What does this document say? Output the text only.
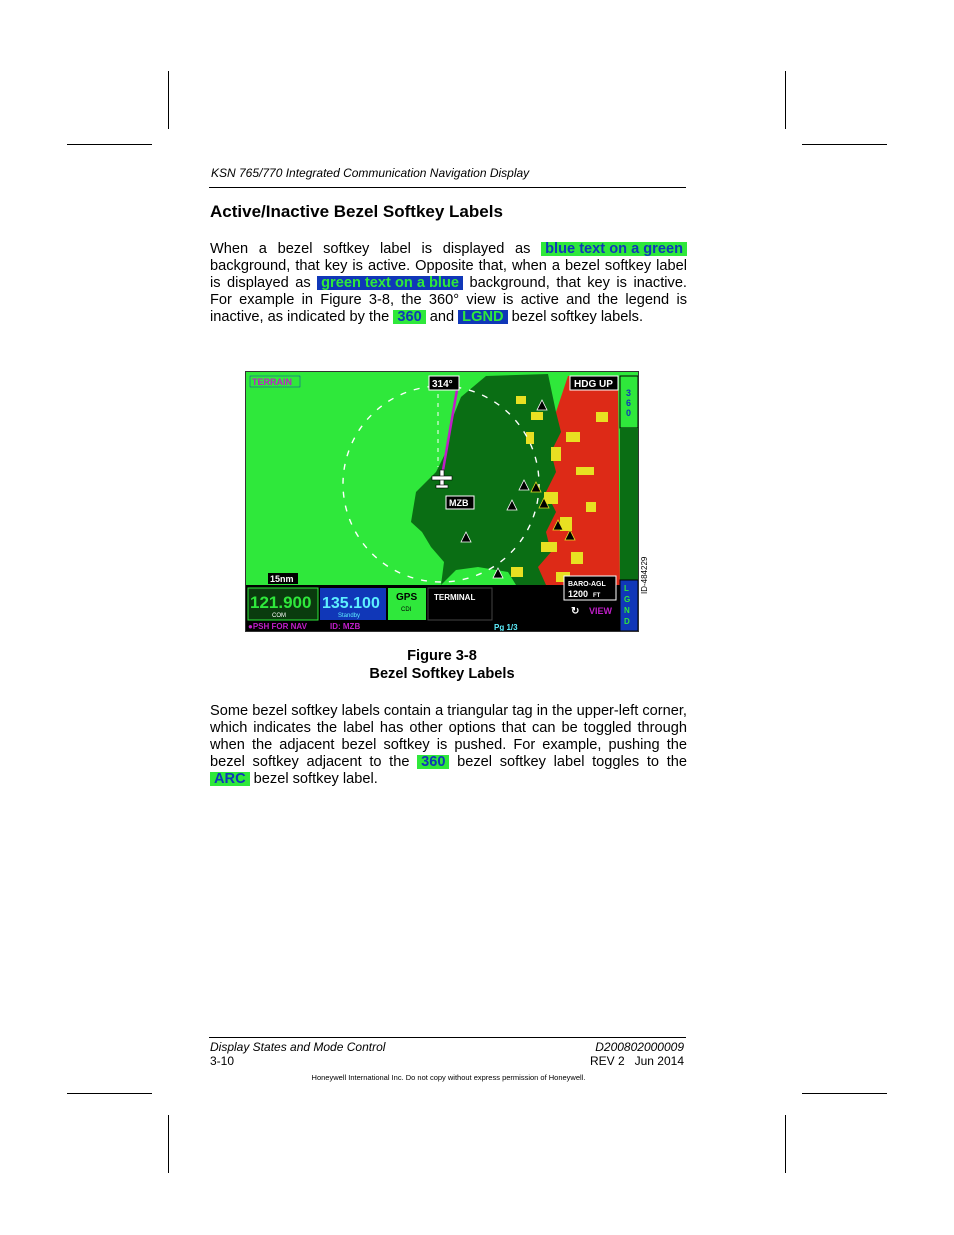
KSN 765/770 Integrated Communication Navigation Display
Active/Inactive Bezel Softkey Labels

When a bezel softkey label is displayed as blue text on a green background, that key is active. Opposite that, when a bezel softkey label is displayed as green text on a blue background, that key is inactive. For example in Figure 3-8, the 360° view is active and the legend is inactive, as indicated by the 360 and LGND bezel softkey labels.

3
6
0
L
G
N
D
TERRAIN	314°	HDG UP
MZB
15nm
121.900
COM
135.100
Standby
GPS
CDI
TERMINAL
BARO-AGL
1200 FT
↻ VIEW
●PSH FOR NAV	ID: MZB	Pg 1/3
ID-484229
Figure 3-8
Bezel Softkey Labels

Some bezel softkey labels contain a triangular tag in the upper-left corner, which indicates the label has other options that can be toggled through when the adjacent bezel softkey is pushed. For example, pushing the bezel softkey adjacent to the 360 bezel softkey label toggles to the ARC bezel softkey label.

Display States and Mode Control
3-10
D200802000009
REV 2   Jun 2014
Honeywell International Inc. Do not copy without express permission of Honeywell.
